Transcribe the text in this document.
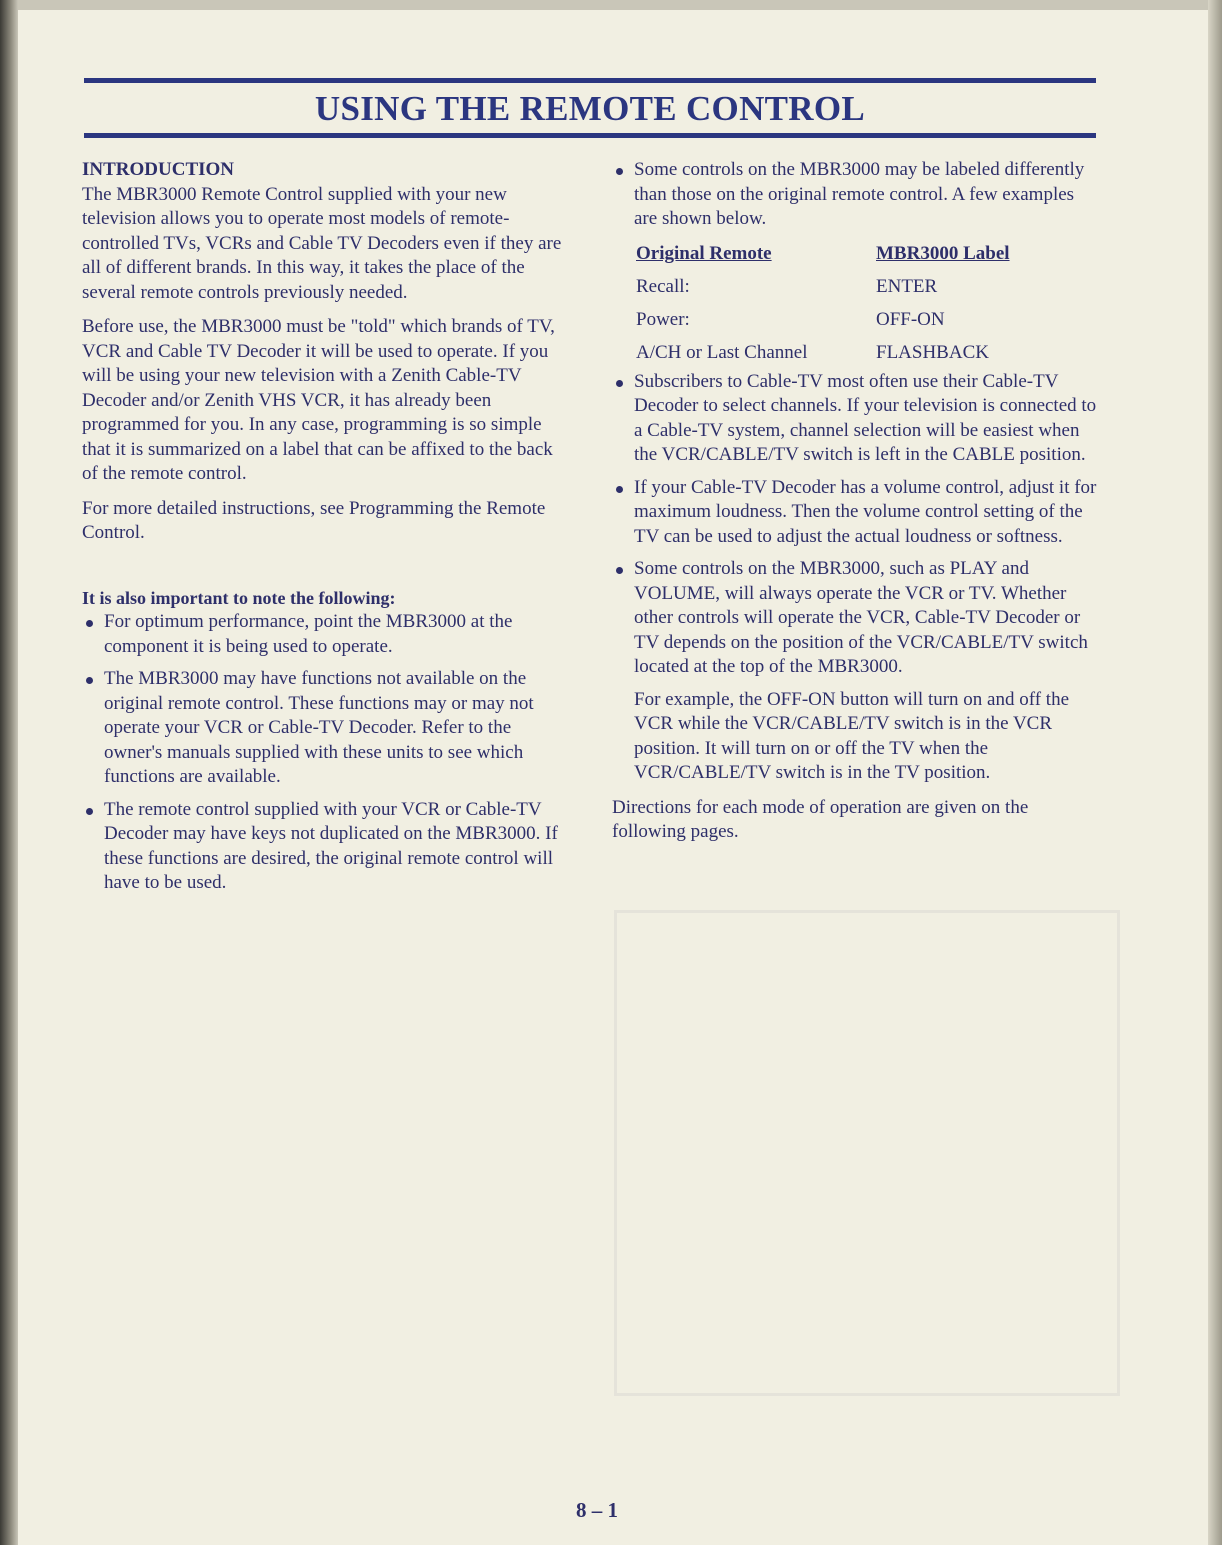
USING THE REMOTE CONTROL
INTRODUCTION

The MBR3000 Remote Control supplied with your new television allows you to operate most models of remote-controlled TVs, VCRs and Cable TV Decoders even if they are all of different brands. In this way, it takes the place of the several remote controls previously needed.

Before use, the MBR3000 must be "told" which brands of TV, VCR and Cable TV Decoder it will be used to operate. If you will be using your new television with a Zenith Cable-TV Decoder and/or Zenith VHS VCR, it has already been programmed for you. In any case, programming is so simple that it is summarized on a label that can be affixed to the back of the remote control.

For more detailed instructions, see Programming the Remote Control.

It is also important to note the following:
For optimum performance, point the MBR3000 at the component it is being used to operate.
The MBR3000 may have functions not available on the original remote control. These functions may or may not operate your VCR or Cable-TV Decoder. Refer to the owner's manuals supplied with these units to see which functions are available.
The remote control supplied with your VCR or Cable-TV Decoder may have keys not duplicated on the MBR3000. If these functions are desired, the original remote control will have to be used.
Some controls on the MBR3000 may be labeled differently than those on the original remote control. A few examples are shown below.
Original Remote	MBR3000 Label
Recall:	ENTER
Power:	OFF-ON
A/CH or Last Channel	FLASHBACK
Subscribers to Cable-TV most often use their Cable-TV Decoder to select channels. If your television is connected to a Cable-TV system, channel selection will be easiest when the VCR/CABLE/TV switch is left in the CABLE position.
If your Cable-TV Decoder has a volume control, adjust it for maximum loudness. Then the volume control setting of the TV can be used to adjust the actual loudness or softness.
Some controls on the MBR3000, such as PLAY and VOLUME, will always operate the VCR or TV. Whether other controls will operate the VCR, Cable-TV Decoder or TV depends on the position of the VCR/CABLE/TV switch located at the top of the MBR3000.

For example, the OFF-ON button will turn on and off the VCR while the VCR/CABLE/TV switch is in the VCR position. It will turn on or off the TV when the VCR/CABLE/TV switch is in the TV position.

Directions for each mode of operation are given on the following pages.

8 – 1
